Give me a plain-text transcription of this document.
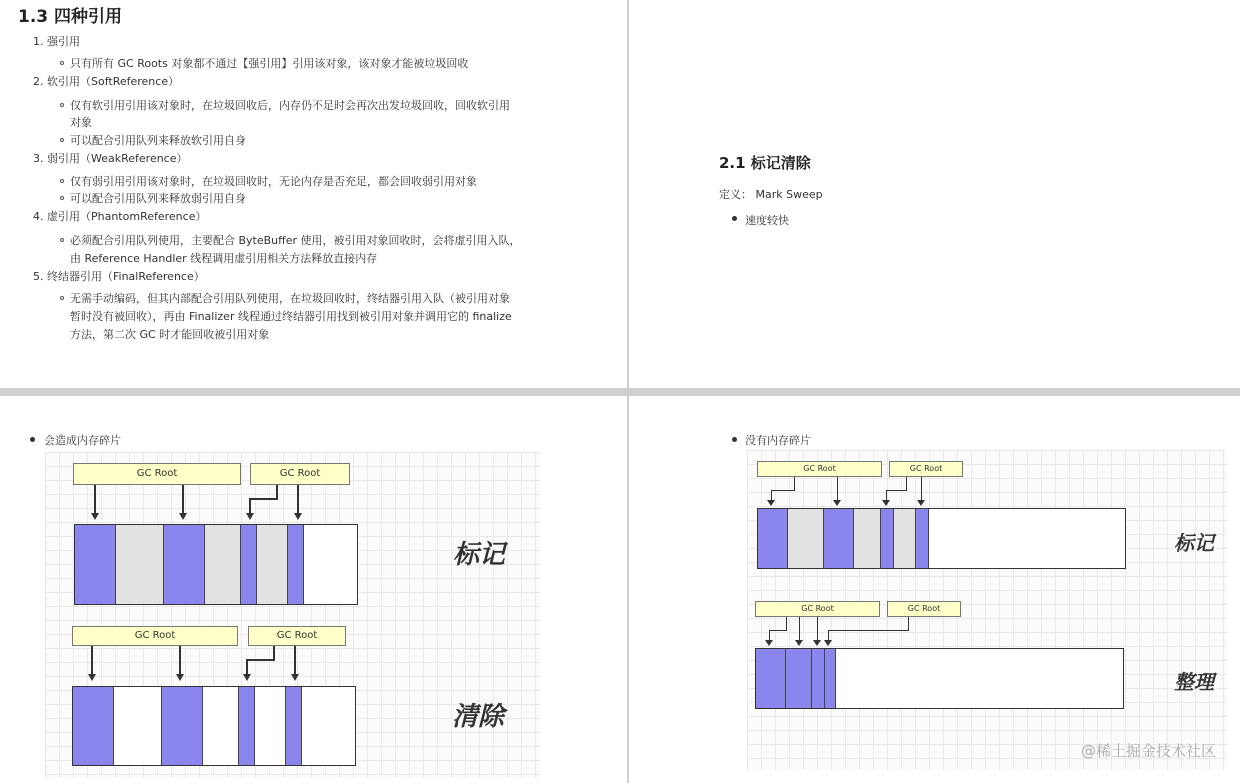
1.3 四种引用
1. 强引用
只有所有 GC Roots 对象都不通过【强引用】引用该对象，该对象才能被垃圾回收
2. 软引用（SoftReference）
仅有软引用引用该对象时，在垃圾回收后，内存仍不足时会再次出发垃圾回收，回收软引用
对象
可以配合引用队列来释放软引用自身
3. 弱引用（WeakReference）
仅有弱引用引用该对象时，在垃圾回收时，无论内存是否充足，都会回收弱引用对象
可以配合引用队列来释放弱引用自身
4. 虚引用（PhantomReference）
必须配合引用队列使用，主要配合 ByteBuffer 使用，被引用对象回收时，会将虚引用入队，
由 Reference Handler 线程调用虚引用相关方法释放直接内存
5. 终结器引用（FinalReference）
无需手动编码，但其内部配合引用队列使用，在垃圾回收时，终结器引用入队（被引用对象
暂时没有被回收），再由 Finalizer 线程通过终结器引用找到被引用对象并调用它的 finalize
方法，第二次 GC 时才能回收被引用对象
2.1 标记清除
定义： Mark Sweep
速度较快
会造成内存碎片
GC Root	GC Root
标记
GC Root	GC Root
清除
没有内存碎片
GC Root	GC Root
标记
GC Root	GC Root
整理
@稀土掘金技术社区
